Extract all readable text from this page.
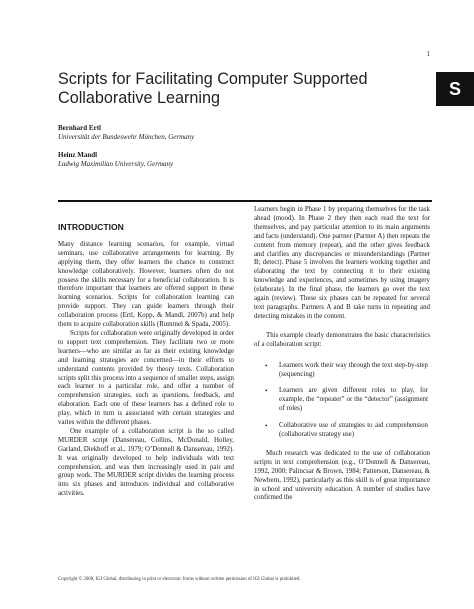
1
S
Scripts for Facilitating Computer Supported
Collaborative Learning
Bernhard Ertl
Universität der Bundeswehr München, Germany
Heinz Mandl
Ludwig Maximilian University, Germany
INTRODUCTION

Many distance learning scenarios, for example, virtual seminars, use collaborative arrangements for learning. By applying them, they offer learners the chance to construct knowledge collaboratively. However, learners often do not possess the skills necessary for a beneficial collaboration. It is therefore important that learners are offered support in these learning scenarios. Scripts for collaboration learning can provide support. They can guide learners through their collaboration process (Ertl, Kopp, & Mandl, 2007b) and help them to acquire collaboration skills (Rummel & Spada, 2005).

Scripts for collaboration were originally developed in order to support text comprehension. They facilitate two or more learners—who are similar as far as their existing knowledge and learning strategies are concerned—in their efforts to understand contents provided by theory texts. Collaboration scripts split this process into a sequence of smaller steps, assign each learner to a particular role, and offer a number of comprehension strategies, such as questions, feedback, and elaboration. Each one of these learners has a defined role to play, which in turn is associated with certain strategies and varies within the different phases.

One example of a collaboration script is the so called MURDER script (Dansereau, Collins, McDonald, Holley, Garland, Diekhoff et al., 1979; O’Donnell & Dansereau, 1992). It was originally developed to help individuals with text comprehension, and was then increasingly used in pair and group work. The MURDER script divides the learning process into six phases and introduces individual and collaborative activities.

Learners begin in Phase 1 by preparing themselves for the task ahead (mood). In Phase 2 they then each read the text for themselves, and pay particular attention to its main arguments and facts (understand). One partner (Partner A) then repeats the content from memory (repeat), and the other gives feedback and clarifies any discrepancies or misunderstandings (Partner B; detect). Phase 5 involves the learners working together and elaborating the text by connecting it to their existing knowledge and experiences, and sometimes by using imagery (elaborate). In the final phase, the learners go over the text again (review). These six phases can be repeated for several text paragraphs. Partners A and B take turns in repeating and detecting mistakes in the content.

This example clearly demonstrates the basic characteristics of a collaboration script:

• Learners work their way through the text step-by-step (sequencing)
• Learners are given different roles to play, for example, the “repeater” or the “detector” (assignment of roles)
• Collaborative use of strategies to aid comprehension (collaborative strategy use)

Much research was dedicated to the use of collaboration scripts in text comprehension (e.g., O’Donnell & Dansereau, 1992, 2000; Palincsar & Brown, 1984; Patterson, Dansereau, & Newbern, 1992), particularly as this skill is of great importance in school and university education. A number of studies have confirmed the

Copyright © 2008, IGI Global, distributing in print or electronic forms without written permission of IGI Global is prohibited.
